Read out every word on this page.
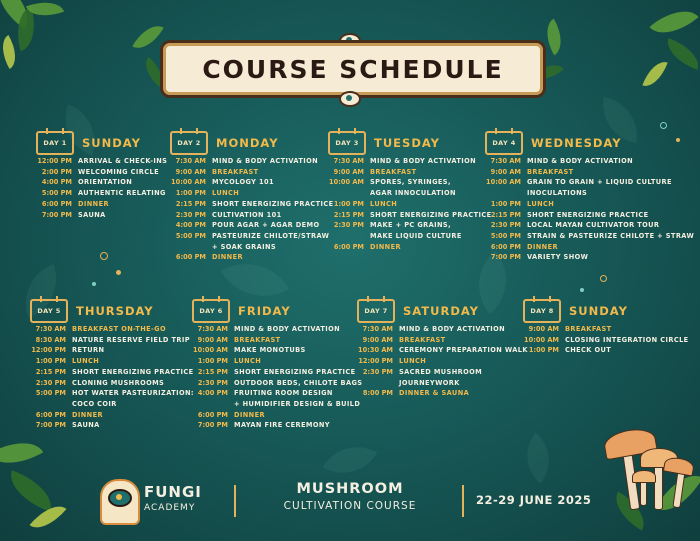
COURSE SCHEDULE
DAY 1 SUNDAY
12:00 PM ARRIVAL & CHECK-INS
2:00 PM WELCOMING CIRCLE
4:00 PM ORIENTATION
5:00 PM AUTHENTIC RELATING
6:00 PM DINNER
7:00 PM SAUNA
DAY 2 MONDAY
7:30 AM MIND & BODY ACTIVATION
9:00 AM BREAKFAST
10:00 AM MYCOLOGY 101
1:00 PM LUNCH
2:15 PM SHORT ENERGIZING PRACTICE
2:30 PM CULTIVATION 101
4:00 PM POUR AGAR + AGAR DEMO
5:00 PM PASTEURIZE CHILOTE/STRAW
+ SOAK GRAINS
6:00 PM DINNER
DAY 3 TUESDAY
7:30 AM MIND & BODY ACTIVATION
9:00 AM BREAKFAST
10:00 AM SPORES, SYRINGES,
AGAR INNOCULATION
1:00 PM LUNCH
2:15 PM SHORT ENERGIZING PRACTICE
2:30 PM MAKE + PC GRAINS,
MAKE LIQUID CULTURE
6:00 PM DINNER
DAY 4 WEDNESDAY
7:30 AM MIND & BODY ACTIVATION
9:00 AM BREAKFAST
10:00 AM GRAIN TO GRAIN + LIQUID CULTURE
INOCULATIONS
1:00 PM LUNCH
2:15 PM SHORT ENERGIZING PRACTICE
2:30 PM LOCAL MAYAN CULTIVATOR TOUR
5:00 PM STRAIN & PASTEURIZE CHILOTE + STRAW
6:00 PM DINNER
7:00 PM VARIETY SHOW
DAY 5 THURSDAY
7:30 AM BREAKFAST ON-THE-GO
8:30 AM NATURE RESERVE FIELD TRIP
12:00 PM RETURN
1:00 PM LUNCH
2:15 PM SHORT ENERGIZING PRACTICE
2:30 PM CLONING MUSHROOMS
5:00 PM HOT WATER PASTEURIZATION:
COCO COIR
6:00 PM DINNER
7:00 PM SAUNA
DAY 6 FRIDAY
7:30 AM MIND & BODY ACTIVATION
9:00 AM BREAKFAST
10:00 AM MAKE MONOTUBS
1:00 PM LUNCH
2:15 PM SHORT ENERGIZING PRACTICE
2:30 PM OUTDOOR BEDS, CHILOTE BAGS
4:00 PM FRUITING ROOM DESIGN
+ HUMIDIFIER DESIGN & BUILD
6:00 PM DINNER
7:00 PM MAYAN FIRE CEREMONY
DAY 7 SATURDAY
7:30 AM MIND & BODY ACTIVATION
9:00 AM BREAKFAST
10:30 AM CEREMONY PREPARATION WALK
12:00 PM LUNCH
2:30 PM SACRED MUSHROOM
JOURNEYWORK
8:00 PM DINNER & SAUNA
DAY 8 SUNDAY
9:00 AM BREAKFAST
10:00 AM CLOSING INTEGRATION CIRCLE
1:00 PM CHECK OUT
FUNGI
ACADEMY
MUSHROOM
CULTIVATION COURSE	22-29 JUNE 2025
